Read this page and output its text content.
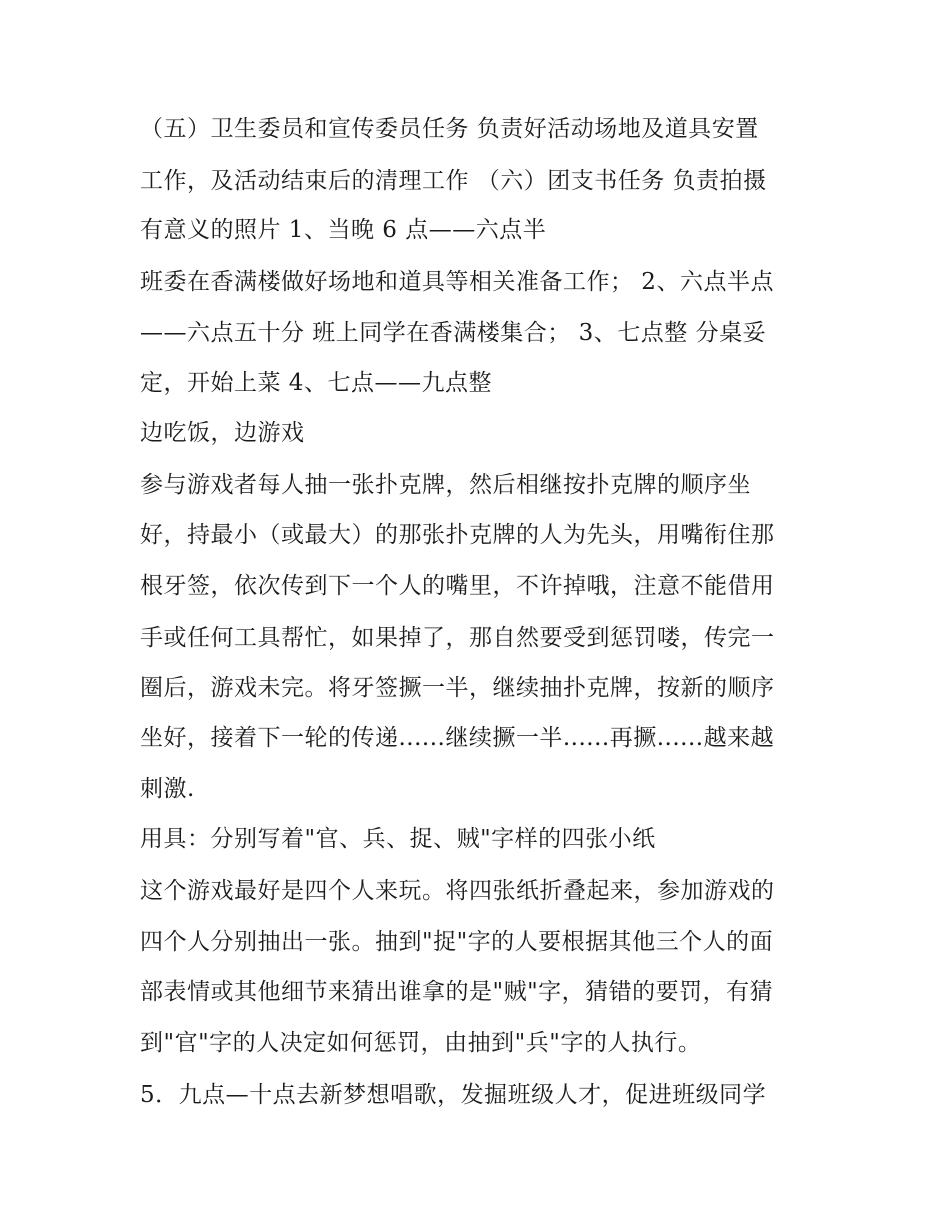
（五）卫生委员和宣传委员任务 负责好活动场地及道具安置
工作，及活动结束后的清理工作 （六）团支书任务 负责拍摄
有意义的照片 1、当晚 6 点——六点半
班委在香满楼做好场地和道具等相关准备工作； 2、六点半点
——六点五十分 班上同学在香满楼集合； 3、七点整 分桌妥
定，开始上菜 4、七点——九点整
边吃饭，边游戏
参与游戏者每人抽一张扑克牌，然后相继按扑克牌的顺序坐
好，持最小（或最大）的那张扑克牌的人为先头，用嘴衔住那
根牙签，依次传到下一个人的嘴里，不许掉哦，注意不能借用
手或任何工具帮忙，如果掉了，那自然要受到惩罚喽，传完一
圈后，游戏未完。将牙签撅一半，继续抽扑克牌，按新的顺序
坐好，接着下一轮的传递......继续撅一半......再撅......越来越
刺激.
用具：分别写着"官、兵、捉、贼"字样的四张小纸
这个游戏最好是四个人来玩。将四张纸折叠起来，参加游戏的
四个人分别抽出一张。抽到"捉"字的人要根据其他三个人的面
部表情或其他细节来猜出谁拿的是"贼"字，猜错的要罚，有猜
到"官"字的人决定如何惩罚，由抽到"兵"字的人执行。
5．九点—十点去新梦想唱歌，发掘班级人才，促进班级同学
